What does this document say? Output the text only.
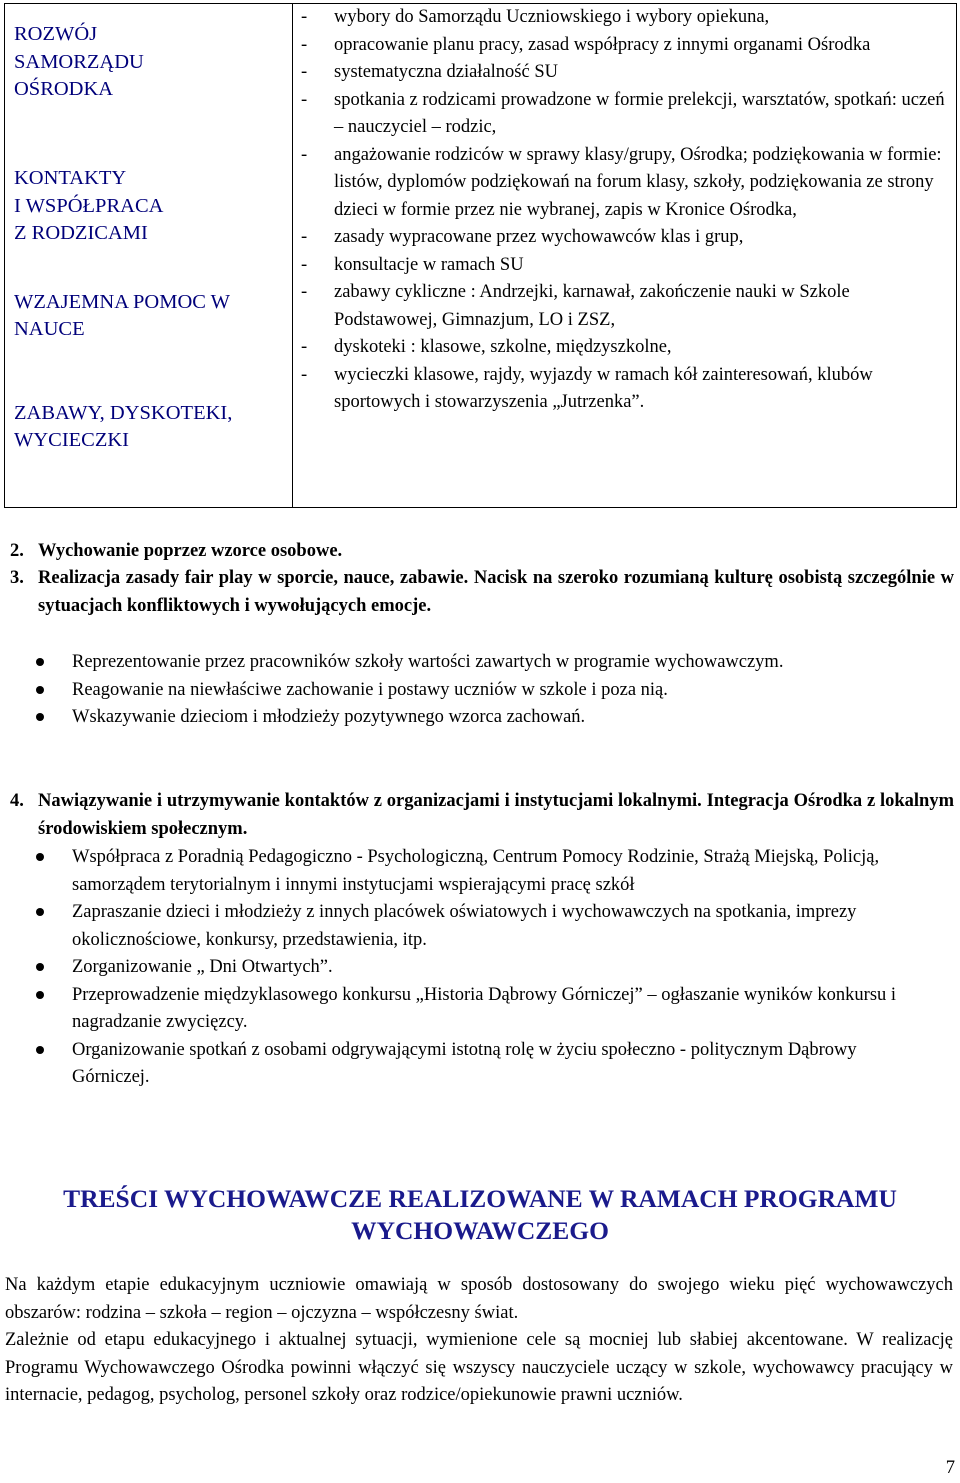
ROZWÓJ
SAMORZĄDU
OŚRODKA
KONTAKTY
I WSPÓŁPRACA
Z RODZICAMI
WZAJEMNA POMOC W
NAUCE
ZABAWY, DYSKOTEKI,
WYCIECZKI

-	wybory do Samorządu Uczniowskiego i wybory opiekuna,
-	opracowanie planu pracy, zasad współpracy z innymi organami Ośrodka
-	systematyczna działalność SU
-	spotkania z rodzicami prowadzone w formie prelekcji, warsztatów, spotkań: uczeń – nauczyciel – rodzic,
-	angażowanie rodziców w sprawy klasy/grupy, Ośrodka; podziękowania w formie: listów, dyplomów podziękowań na forum klasy, szkoły, podziękowania ze strony dzieci w formie przez nie wybranej, zapis w Kronice Ośrodka,
-	zasady wypracowane przez wychowawców klas i grup,
-	konsultacje w ramach SU
-	zabawy cykliczne : Andrzejki, karnawał, zakończenie nauki w Szkole Podstawowej, Gimnazjum, LO i ZSZ,
-	dyskoteki : klasowe, szkolne, międzyszkolne,
-	wycieczki klasowe, rajdy, wyjazdy w ramach kół zainteresowań, klubów sportowych i stowarzyszenia „Jutrzenka”.
2. Wychowanie poprzez wzorce osobowe.
3. Realizacja zasady fair play w sporcie, nauce, zabawie. Nacisk na szeroko rozumianą kulturę osobistą szczególnie w sytuacjach konfliktowych i wywołujących emocje.
Reprezentowanie przez pracowników szkoły wartości zawartych w programie wychowawczym.
Reagowanie na niewłaściwe zachowanie i postawy uczniów w szkole i poza nią.
Wskazywanie dzieciom i młodzieży pozytywnego wzorca zachowań.
4. Nawiązywanie i utrzymywanie kontaktów z organizacjami i instytucjami lokalnymi. Integracja Ośrodka z lokalnym środowiskiem społecznym.
Współpraca z Poradnią Pedagogiczno - Psychologiczną, Centrum Pomocy Rodzinie, Strażą Miejską, Policją, samorządem terytorialnym i innymi instytucjami wspierającymi pracę szkół
Zapraszanie dzieci i młodzieży z innych placówek oświatowych i wychowawczych na spotkania, imprezy okolicznościowe, konkursy, przedstawienia, itp.
Zorganizowanie „ Dni Otwartych”.
Przeprowadzenie międzyklasowego konkursu „Historia Dąbrowy Górniczej” – ogłaszanie wyników konkursu i nagradzanie zwycięzcy.
Organizowanie spotkań z osobami odgrywającymi istotną rolę w życiu społeczno - politycznym Dąbrowy Górniczej.
TREŚCI WYCHOWAWCZE REALIZOWANE W RAMACH PROGRAMU
WYCHOWAWCZEGO
Na każdym etapie edukacyjnym uczniowie omawiają w sposób dostosowany do swojego wieku pięć wychowawczych obszarów: rodzina – szkoła – region – ojczyzna – współczesny świat.
Zależnie od etapu edukacyjnego i aktualnej sytuacji, wymienione cele są mocniej lub słabiej akcentowane. W realizację Programu Wychowawczego Ośrodka powinni włączyć się wszyscy nauczyciele uczący w szkole, wychowawcy pracujący w internacie, pedagog, psycholog, personel szkoły oraz rodzice/opiekunowie prawni uczniów.
7
